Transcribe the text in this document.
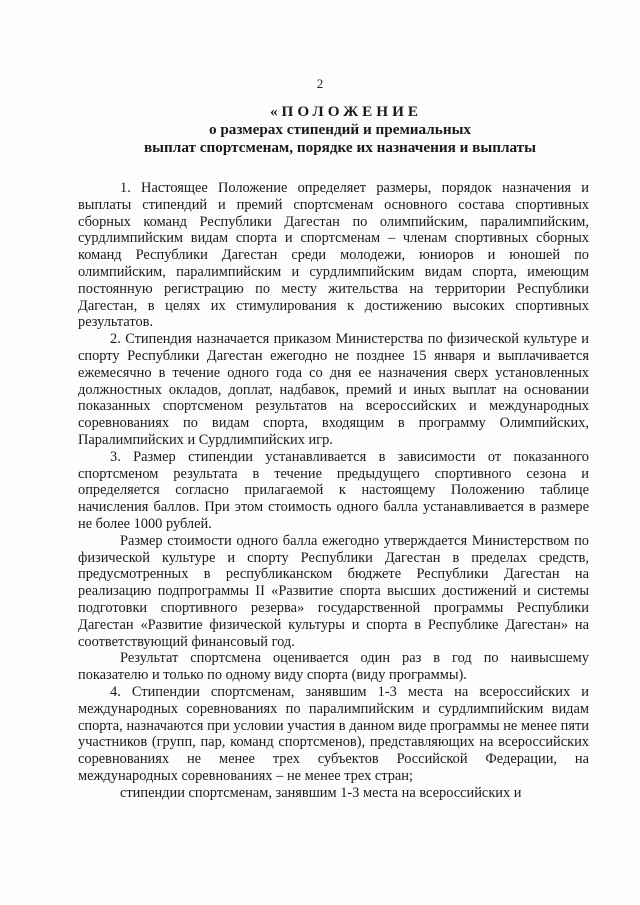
2
«ПОЛОЖЕНИЕ
о размерах стипендий и премиальных
выплат спортсменам, порядке их назначения и выплаты

1. Настоящее Положение определяет размеры, порядок назначения и выплаты стипендий и премий спортсменам основного состава спортивных сборных команд Республики Дагестан по олимпийским, паралимпийским, сурдлимпийским видам спорта и спортсменам – членам спортивных сборных команд Республики Дагестан среди молодежи, юниоров и юношей по олимпийским, паралимпийским и сурдлимпийским видам спорта, имеющим постоянную регистрацию по месту жительства на территории Республики Дагестан, в целях их стимулирования к достижению высоких спортивных результатов.

2. Стипендия назначается приказом Министерства по физической культуре и спорту Республики Дагестан ежегодно не позднее 15 января и выплачивается ежемесячно в течение одного года со дня ее назначения сверх установленных должностных окладов, доплат, надбавок, премий и иных выплат на основании показанных спортсменом результатов на всероссийских и международных соревнованиях по видам спорта, входящим в программу Олимпийских, Паралимпийских и Сурдлимпийских игр.

3. Размер стипендии устанавливается в зависимости от показанного спортсменом результата в течение предыдущего спортивного сезона и определяется согласно прилагаемой к настоящему Положению таблице начисления баллов. При этом стоимость одного балла устанавливается в размере не более 1000 рублей.

Размер стоимости одного балла ежегодно утверждается Министерством по физической культуре и спорту Республики Дагестан в пределах средств, предусмотренных в республиканском бюджете Республики Дагестан на реализацию подпрограммы II «Развитие спорта высших достижений и системы подготовки спортивного резерва» государственной программы Республики Дагестан «Развитие физической культуры и спорта в Республике Дагестан» на соответствующий финансовый год.

Результат спортсмена оценивается один раз в год по наивысшему показателю и только по одному виду спорта (виду программы).

4. Стипендии спортсменам, занявшим 1-3 места на всероссийских и международных соревнованиях по паралимпийским и сурдлимпийским видам спорта, назначаются при условии участия в данном виде программы не менее пяти участников (групп, пар, команд спортсменов), представляющих на всероссийских соревнованиях не менее трех субъектов Российской Федерации, на международных соревнованиях – не менее трех стран;

стипендии спортсменам, занявшим 1-3 места на всероссийских и
